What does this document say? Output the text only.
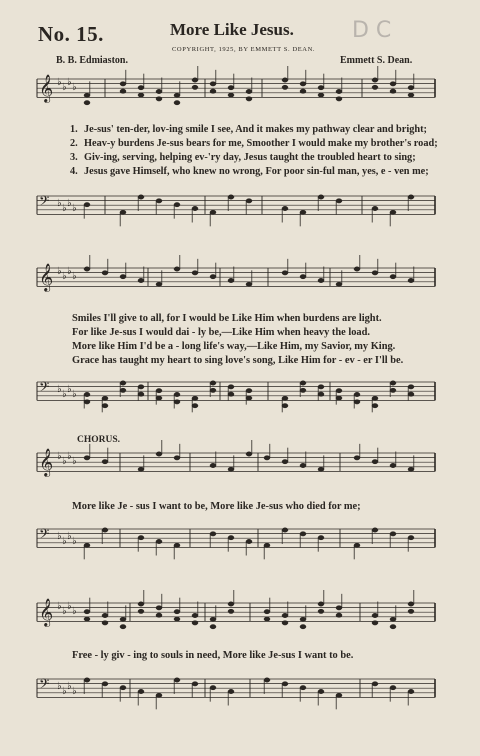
No. 15.	More Like Jesus.
COPYRIGHT, 1925, BY EMMETT S. DEAN.
B. B. Edmiaston.	Emmett S. Dean.
D C
𝄞 ♭ ♭ ♭ ♭
𝄢 ♭ ♭ ♭ ♭
𝄞 ♭ ♭ ♭ ♭
𝄢 ♭ ♭ ♭ ♭
𝄞 ♭ ♭ ♭ ♭
𝄢 ♭ ♭ ♭ ♭
𝄞 ♭ ♭ ♭ ♭
𝄢 ♭ ♭ ♭ ♭
1. Je-sus' ten-der, lov-ing smile I see, And it makes my pathway clear and bright;
2. Heav-y burdens Je-sus bears for me, Smoother I would make my brother's road;
3. Giv-ing, serving, helping ev-'ry day, Jesus taught the troubled heart to sing;
4. Jesus gave Himself, who knew no wrong, For poor sin-ful man, yes, e - ven me;
Smiles I'll give to all, for I would be Like Him when burdens are light.
For like Je-sus I would dai - ly be,—Like Him when heavy the load.
More like Him I'd be a - long life's way,—Like Him, my Savior, my King.
Grace has taught my heart to sing love's song, Like Him for - ev - er I'll be.
CHORUS.
More like Je - sus I want to be, More like Je-sus who died for me;
Free - ly giv - ing to souls in need, More like Je-sus I want to be.
